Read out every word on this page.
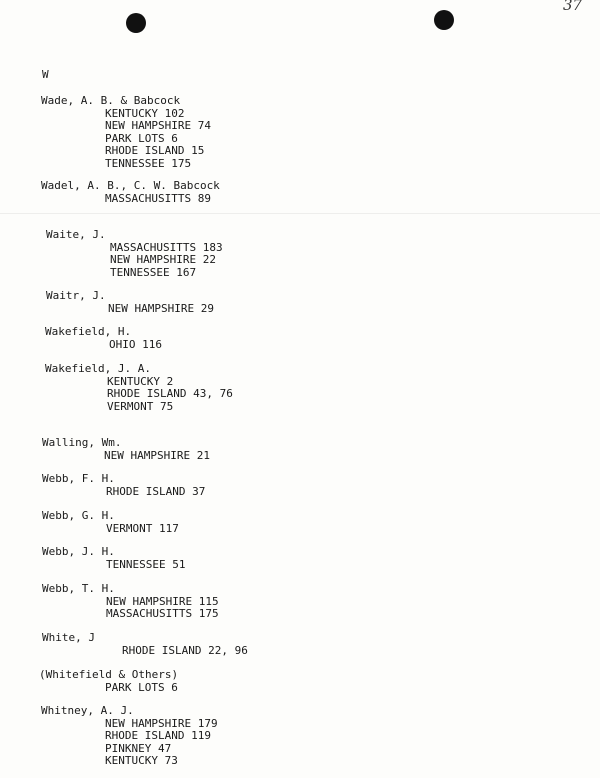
37
W
Wade, A. B. & Babcock
KENTUCKY 102
NEW HAMPSHIRE 74
PARK LOTS 6
RHODE ISLAND 15
TENNESSEE 175
Wadel, A. B., C. W. Babcock
MASSACHUSITTS 89
Waite, J.
MASSACHUSITTS 183
NEW HAMPSHIRE 22
TENNESSEE 167
Waitr, J.
NEW HAMPSHIRE 29
Wakefield, H.
OHIO 116
Wakefield, J. A.
KENTUCKY 2
RHODE ISLAND 43, 76
VERMONT 75
Walling, Wm.
NEW HAMPSHIRE 21
Webb, F. H.
RHODE ISLAND 37
Webb, G. H.
VERMONT 117
Webb, J. H.
TENNESSEE 51
Webb, T. H.
NEW HAMPSHIRE 115
MASSACHUSITTS 175
White, J
RHODE ISLAND 22, 96
(Whitefield & Others)
PARK LOTS 6
Whitney, A. J.
NEW HAMPSHIRE 179
RHODE ISLAND 119
PINKNEY 47
KENTUCKY 73
